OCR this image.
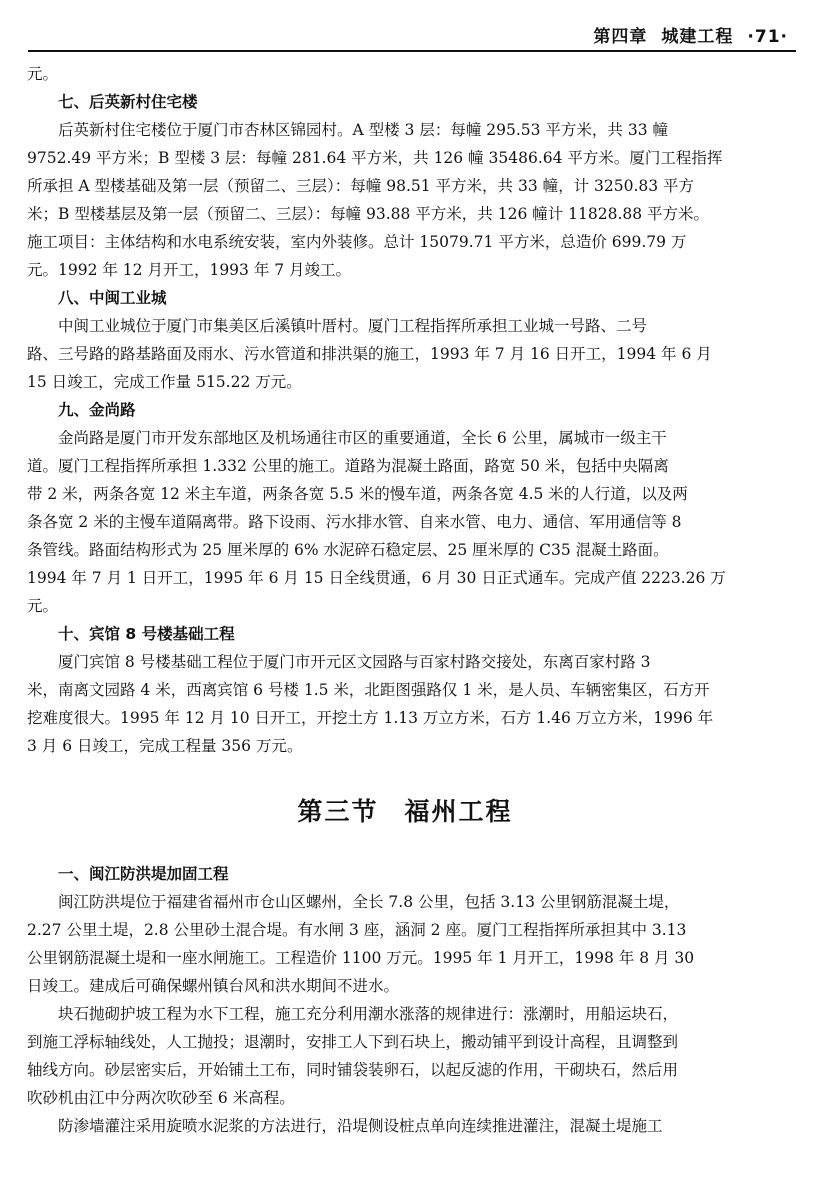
第四章 城建工程 ·71·
元。
七、后英新村住宅楼
后英新村住宅楼位于厦门市杏林区锦园村。A 型楼 3 层：每幢 295.53 平方米，共 33 幢
9752.49 平方米；B 型楼 3 层：每幢 281.64 平方米，共 126 幢 35486.64 平方米。厦门工程指挥
所承担 A 型楼基础及第一层（预留二、三层）：每幢 98.51 平方米，共 33 幢，计 3250.83 平方
米；B 型楼基层及第一层（预留二、三层）：每幢 93.88 平方米，共 126 幢计 11828.88 平方米。
施工项目：主体结构和水电系统安装，室内外装修。总计 15079.71 平方米，总造价 699.79 万
元。1992 年 12 月开工，1993 年 7 月竣工。
八、中闽工业城
中闽工业城位于厦门市集美区后溪镇叶厝村。厦门工程指挥所承担工业城一号路、二号
路、三号路的路基路面及雨水、污水管道和排洪渠的施工，1993 年 7 月 16 日开工，1994 年 6 月
15 日竣工，完成工作量 515.22 万元。
九、金尚路
金尚路是厦门市开发东部地区及机场通往市区的重要通道，全长 6 公里，属城市一级主干
道。厦门工程指挥所承担 1.332 公里的施工。道路为混凝土路面，路宽 50 米，包括中央隔离
带 2 米，两条各宽 12 米主车道，两条各宽 5.5 米的慢车道，两条各宽 4.5 米的人行道，以及两
条各宽 2 米的主慢车道隔离带。路下设雨、污水排水管、自来水管、电力、通信、军用通信等 8
条管线。路面结构形式为 25 厘米厚的 6% 水泥碎石稳定层、25 厘米厚的 C35 混凝土路面。
1994 年 7 月 1 日开工，1995 年 6 月 15 日全线贯通，6 月 30 日正式通车。完成产值 2223.26 万
元。
十、宾馆 8 号楼基础工程
厦门宾馆 8 号楼基础工程位于厦门市开元区文园路与百家村路交接处，东离百家村路 3
米，南离文园路 4 米，西离宾馆 6 号楼 1.5 米，北距图强路仅 1 米，是人员、车辆密集区，石方开
挖难度很大。1995 年 12 月 10 日开工，开挖土方 1.13 万立方米，石方 1.46 万立方米，1996 年
3 月 6 日竣工，完成工程量 356 万元。
第三节 福州工程
一、闽江防洪堤加固工程
闽江防洪堤位于福建省福州市仓山区螺州，全长 7.8 公里，包括 3.13 公里钢筋混凝土堤，
2.27 公里土堤，2.8 公里砂土混合堤。有水闸 3 座，涵洞 2 座。厦门工程指挥所承担其中 3.13
公里钢筋混凝土堤和一座水闸施工。工程造价 1100 万元。1995 年 1 月开工，1998 年 8 月 30
日竣工。建成后可确保螺州镇台风和洪水期间不进水。
块石抛砌护坡工程为水下工程，施工充分利用潮水涨落的规律进行：涨潮时，用船运块石，
到施工浮标轴线处，人工抛投；退潮时，安排工人下到石块上，搬动铺平到设计高程，且调整到
轴线方向。砂层密实后，开始铺土工布，同时铺袋装卵石，以起反滤的作用，干砌块石，然后用
吹砂机由江中分两次吹砂至 6 米高程。
防渗墙灌注采用旋喷水泥浆的方法进行，沿堤侧设桩点单向连续推进灌注，混凝土堤施工
